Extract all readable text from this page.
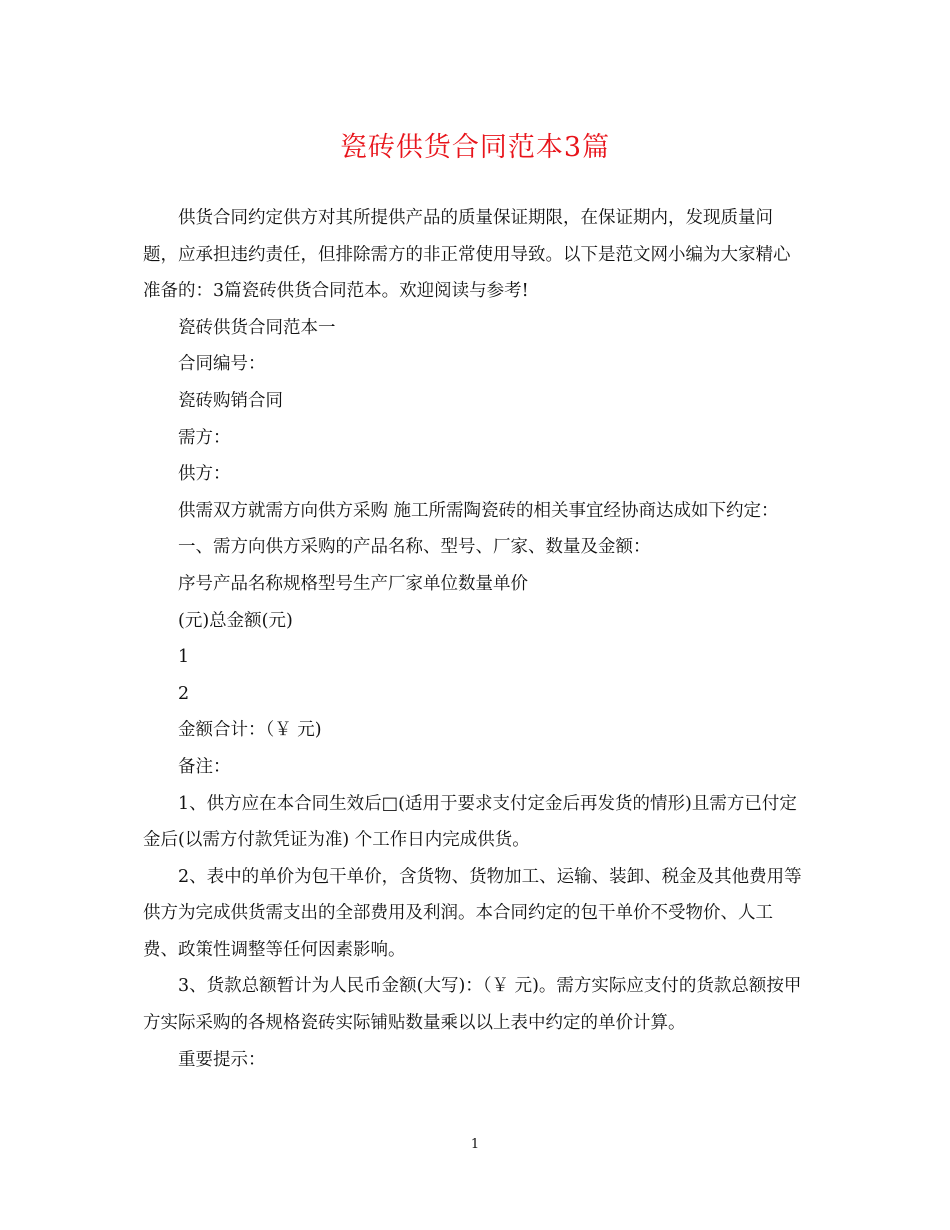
瓷砖供货合同范本3篇

供货合同约定供方对其所提供产品的质量保证期限，在保证期内，发现质量问题，应承担违约责任，但排除需方的非正常使用导致。以下是范文网小编为大家精心准备的：3篇瓷砖供货合同范本。欢迎阅读与参考!

瓷砖供货合同范本一

合同编号：

瓷砖购销合同

需方：

供方：

供需双方就需方向供方采购 施工所需陶瓷砖的相关事宜经协商达成如下约定：

一、需方向供方采购的产品名称、型号、厂家、数量及金额：

序号产品名称规格型号生产厂家单位数量单价

(元)总金额(元)

1

2

金额合计：（￥ 元)

备注：

1、供方应在本合同生效后□(适用于要求支付定金后再发货的情形)且需方已付定金后(以需方付款凭证为准) 个工作日内完成供货。

2、表中的单价为包干单价，含货物、货物加工、运输、装卸、税金及其他费用等供方为完成供货需支出的全部费用及利润。本合同约定的包干单价不受物价、人工费、政策性调整等任何因素影响。

3、货款总额暂计为人民币金额(大写)：（￥ 元)。需方实际应支付的货款总额按甲方实际采购的各规格瓷砖实际铺贴数量乘以以上表中约定的单价计算。

重要提示：

1
